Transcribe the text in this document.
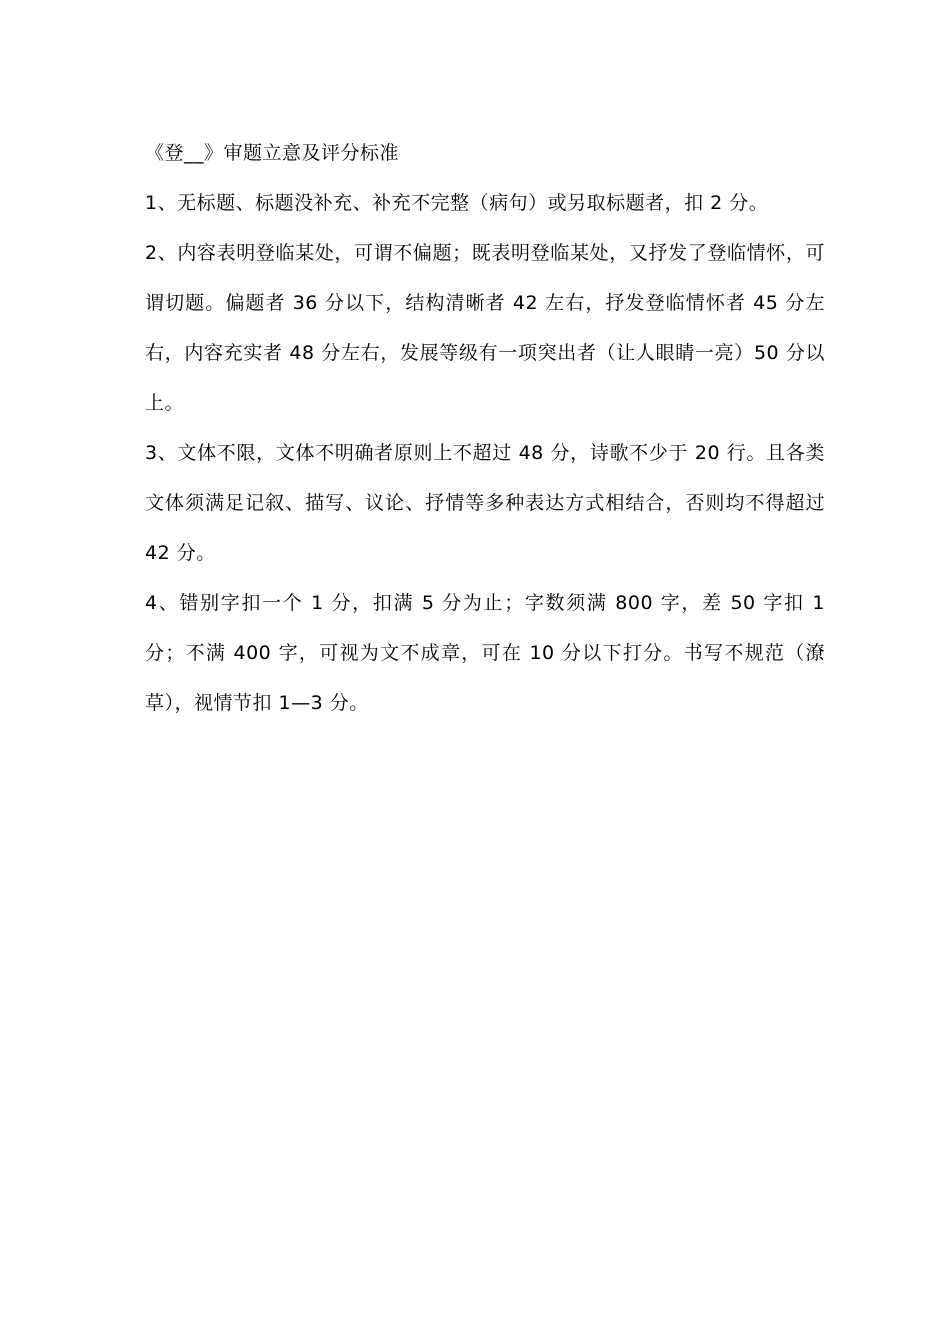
《登__》审题立意及评分标准

1、无标题、标题没补充、补充不完整（病句）或另取标题者，扣 2 分。

2、内容表明登临某处，可谓不偏题；既表明登临某处，又抒发了登临情怀，可谓切题。偏题者 36 分以下，结构清晰者 42 左右，抒发登临情怀者 45 分左右，内容充实者 48 分左右，发展等级有一项突出者（让人眼睛一亮）50 分以上。

3、文体不限，文体不明确者原则上不超过 48 分，诗歌不少于 20 行。且各类文体须满足记叙、描写、议论、抒情等多种表达方式相结合，否则均不得超过 42 分。

4、错别字扣一个 1 分，扣满 5 分为止；字数须满 800 字，差 50 字扣 1 分；不满 400 字，可视为文不成章，可在 10 分以下打分。书写不规范（潦草），视情节扣 1—3 分。
